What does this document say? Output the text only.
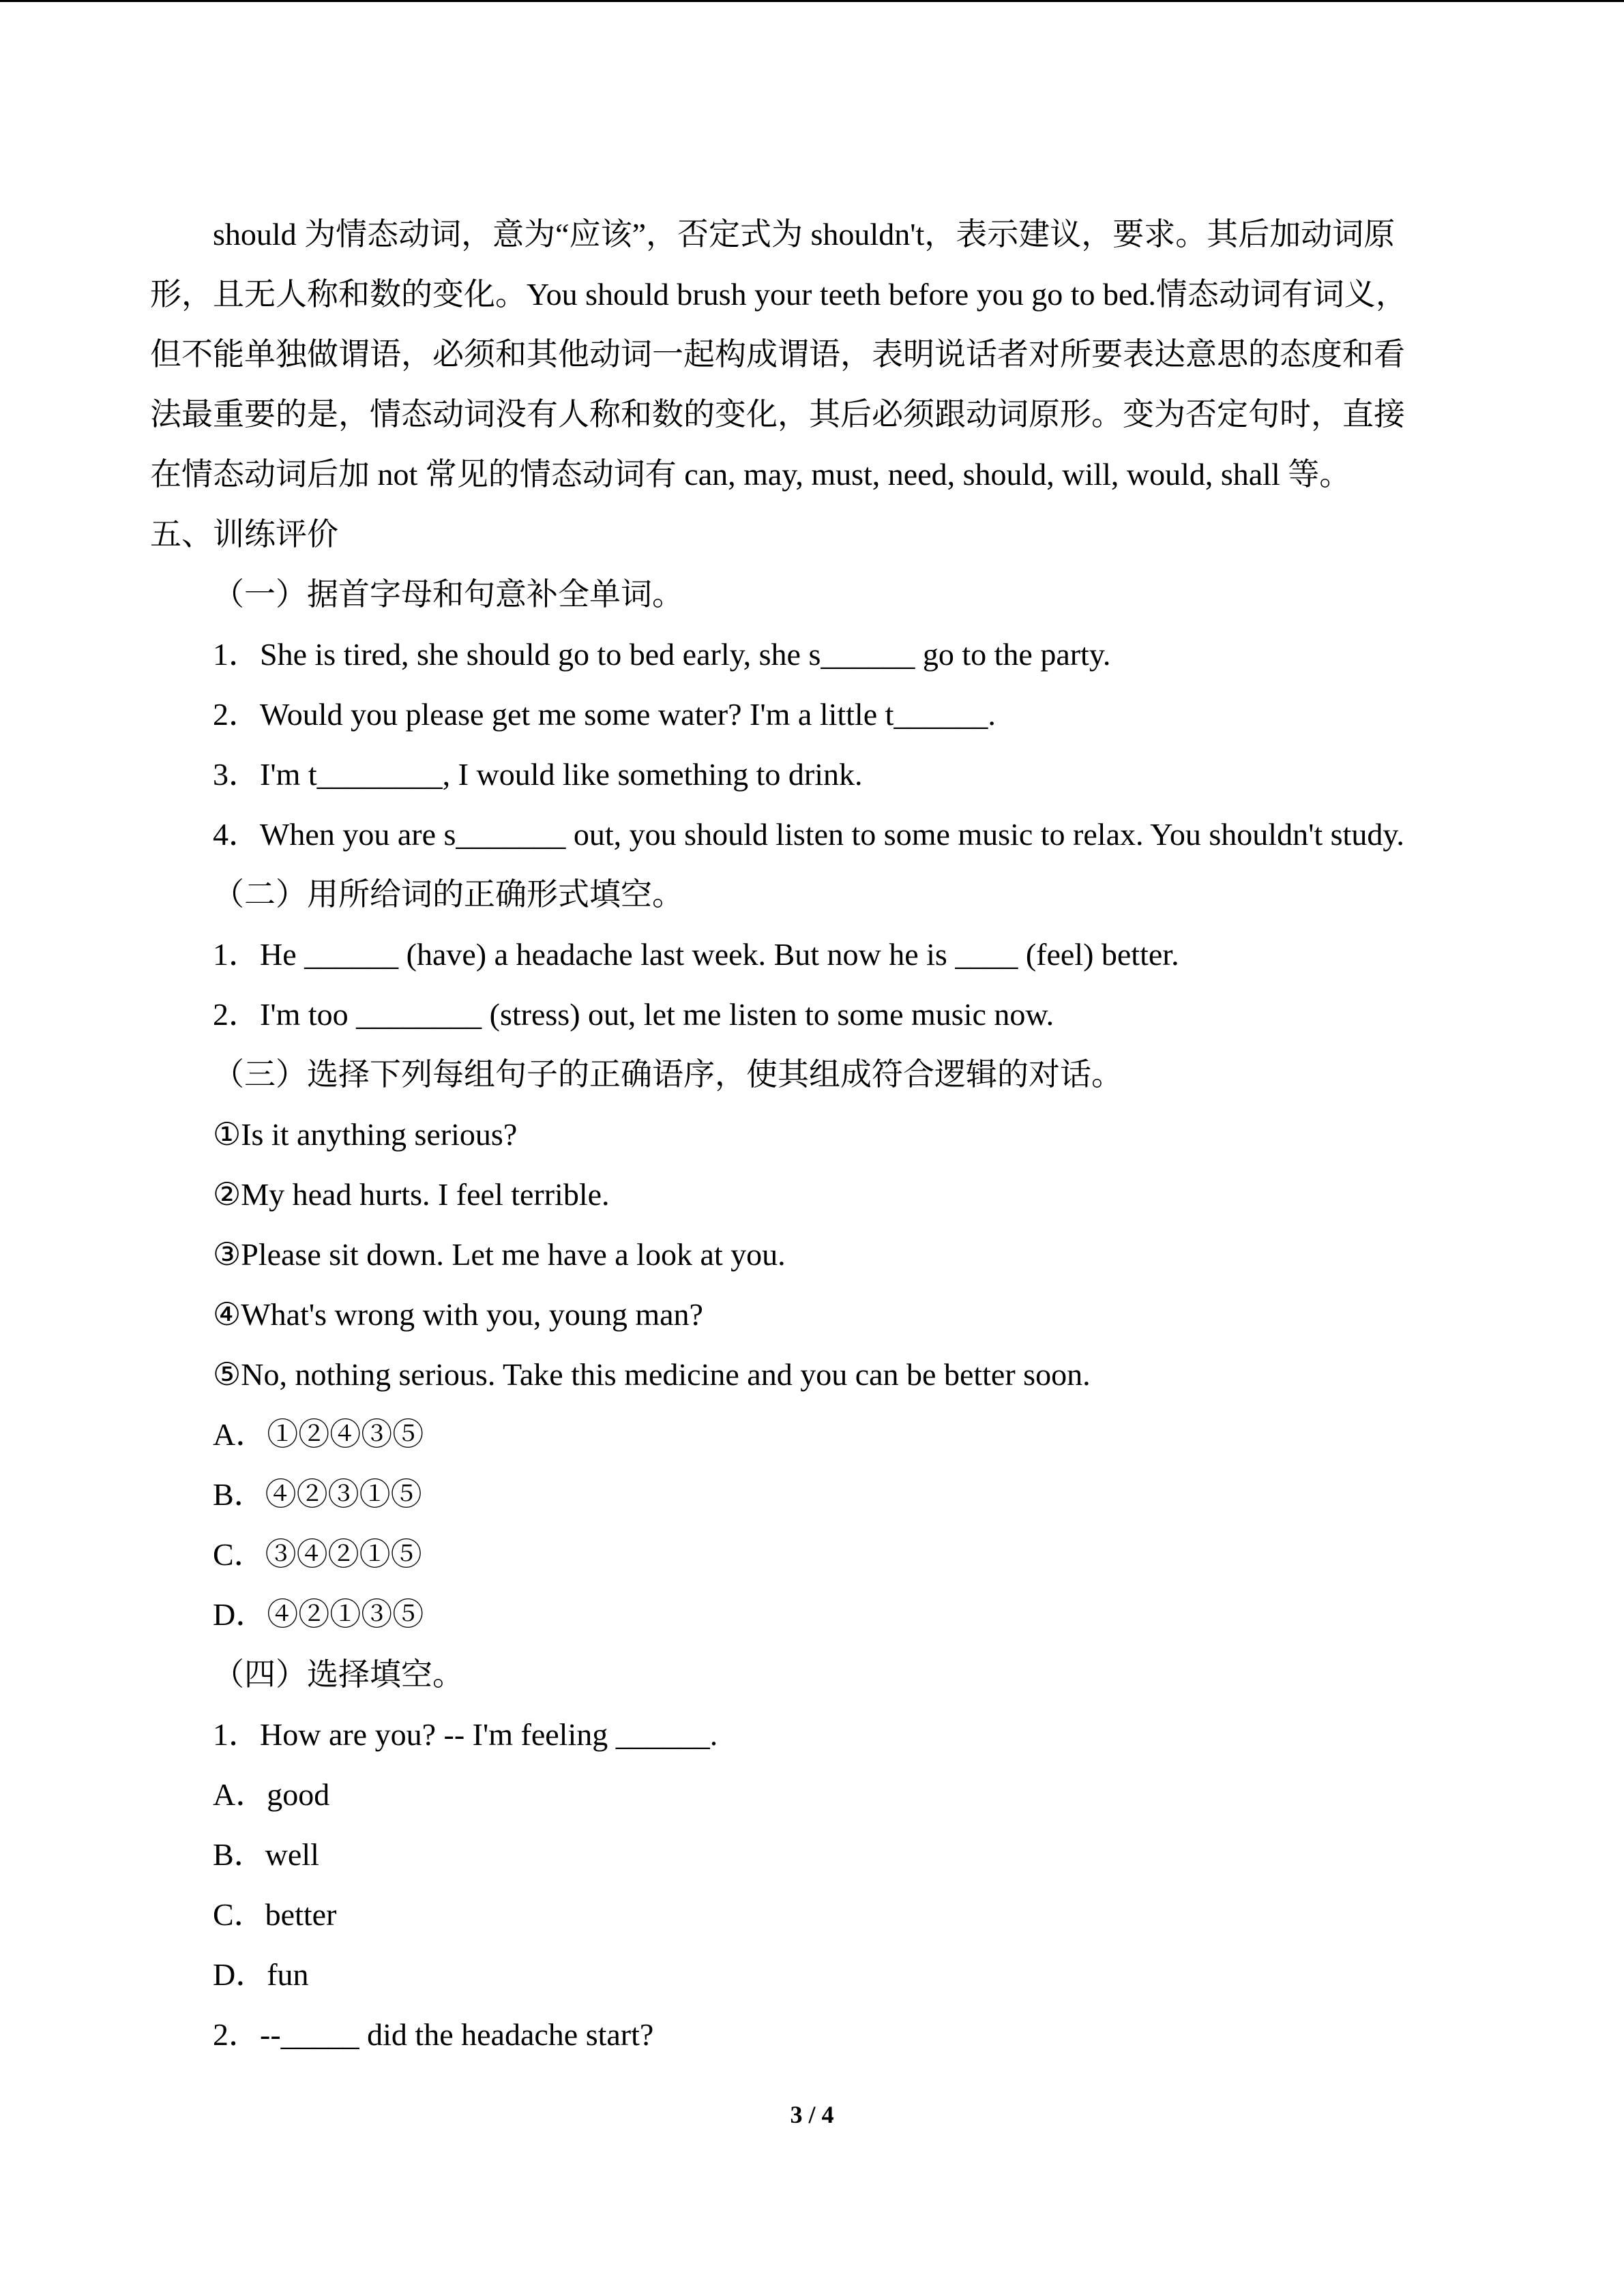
should 为情态动词，意为“应该”，否定式为 shouldn't，表示建议，要求。其后加动词原
形，且无人称和数的变化。You should brush your teeth before you go to bed.情态动词有词义，
但不能单独做谓语，必须和其他动词一起构成谓语，表明说话者对所要表达意思的态度和看
法最重要的是，情态动词没有人称和数的变化，其后必须跟动词原形。变为否定句时，直接
在情态动词后加 not 常见的情态动词有 can, may, must, need, should, will, would, shall 等。
五、训练评价
（一）据首字母和句意补全单词。
1．She is tired, she should go to bed early, she s______ go to the party.
2．Would you please get me some water? I'm a little t______.
3．I'm t________, I would like something to drink.
4．When you are s_______ out, you should listen to some music to relax. You shouldn't study.
（二）用所给词的正确形式填空。
1．He ______ (have) a headache last week. But now he is ____ (feel) better.
2．I'm too ________ (stress) out, let me listen to some music now.
（三）选择下列每组句子的正确语序，使其组成符合逻辑的对话。
①Is it anything serious?
②My head hurts. I feel terrible.
③Please sit down. Let me have a look at you.
④What's wrong with you, young man?
⑤No, nothing serious. Take this medicine and you can be better soon.
A．①②④③⑤
B．④②③①⑤
C．③④②①⑤
D．④②①③⑤
（四）选择填空。
1．How are you? -- I'm feeling ______.
A．good
B．well
C．better
D．fun
2．--_____ did the headache start?
3 / 4
